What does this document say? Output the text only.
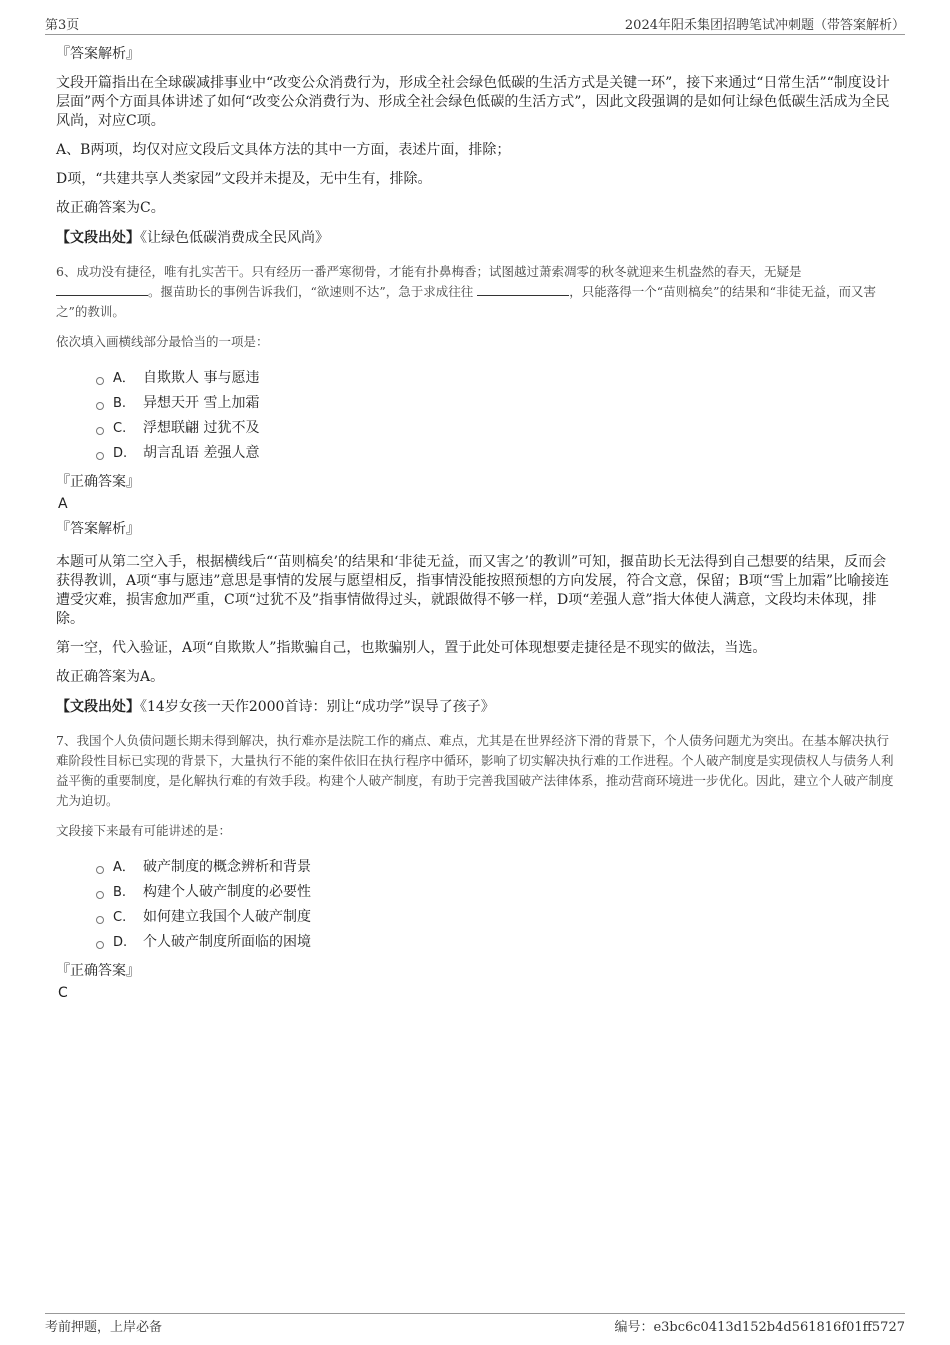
第3页	2024年阳禾集团招聘笔试冲刺题（带答案解析）
『答案解析』
文段开篇指出在全球碳减排事业中“改变公众消费行为，形成全社会绿色低碳的生活方式是关键一环”，接下来通过“日常生活”“制度设计层面”两个方面具体讲述了如何“改变公众消费行为、形成全社会绿色低碳的生活方式”，因此文段强调的是如何让绿色低碳生活成为全民风尚，对应C项。
A、B两项，均仅对应文段后文具体方法的其中一方面，表述片面，排除；
D项，“共建共享人类家园”文段并未提及，无中生有，排除。
故正确答案为C。
【文段出处】《让绿色低碳消费成全民风尚》
6、成功没有捷径，唯有扎实苦干。只有经历一番严寒彻骨，才能有扑鼻梅香；试图越过萧索凋零的秋冬就迎来生机盎然的春天，无疑是 。揠苗助长的事例告诉我们，“欲速则不达”，急于求成往往	，只能落得一个“苗则槁矣”的结果和“非徒无益，而又害之”的教训。
依次填入画横线部分最恰当的一项是：
A． 自欺欺人 事与愿违
B.	异想天开 雪上加霜
C.	浮想联翩 过犹不及
D.	胡言乱语 差强人意
『正确答案』
A
『答案解析』
本题可从第二空入手，根据横线后“‘苗则槁矣’的结果和‘非徒无益，而又害之’的教训”可知，揠苗助长无法得到自己想要的结果，反而会获得教训，A项“事与愿违”意思是事情的发展与愿望相反，指事情没能按照预想的方向发展，符合文意，保留；B项“雪上加霜”比喻接连遭受灾难，损害愈加严重，C项“过犹不及”指事情做得过头，就跟做得不够一样，D项“差强人意”指大体使人满意，文段均未体现，排除。
第一空，代入验证，A项“自欺欺人”指欺骗自己，也欺骗别人，置于此处可体现想要走捷径是不现实的做法，当选。
故正确答案为A。
【文段出处】《14岁女孩一天作2000首诗：别让“成功学”误导了孩子》
7、我国个人负债问题长期未得到解决，执行难亦是法院工作的痛点、难点，尤其是在世界经济下滑的背景下，个人债务问题尤为突出。在基本解决执行难阶段性目标已实现的背景下，大量执行不能的案件依旧在执行程序中循环，影响了切实解决执行难的工作进程。个人破产制度是实现债权人与债务人利益平衡的重要制度，是化解执行难的有效手段。构建个人破产制度，有助于完善我国破产法律体系，推动营商环境进一步优化。因此，建立个人破产制度尤为迫切。
文段接下来最有可能讲述的是：
A． 破产制度的概念辨析和背景
B.	构建个人破产制度的必要性
C.	如何建立我国个人破产制度
D.	个人破产制度所面临的困境
『正确答案』
C
考前押题，上岸必备	编号：e3bc6c0413d152b4d561816f01ff5727
